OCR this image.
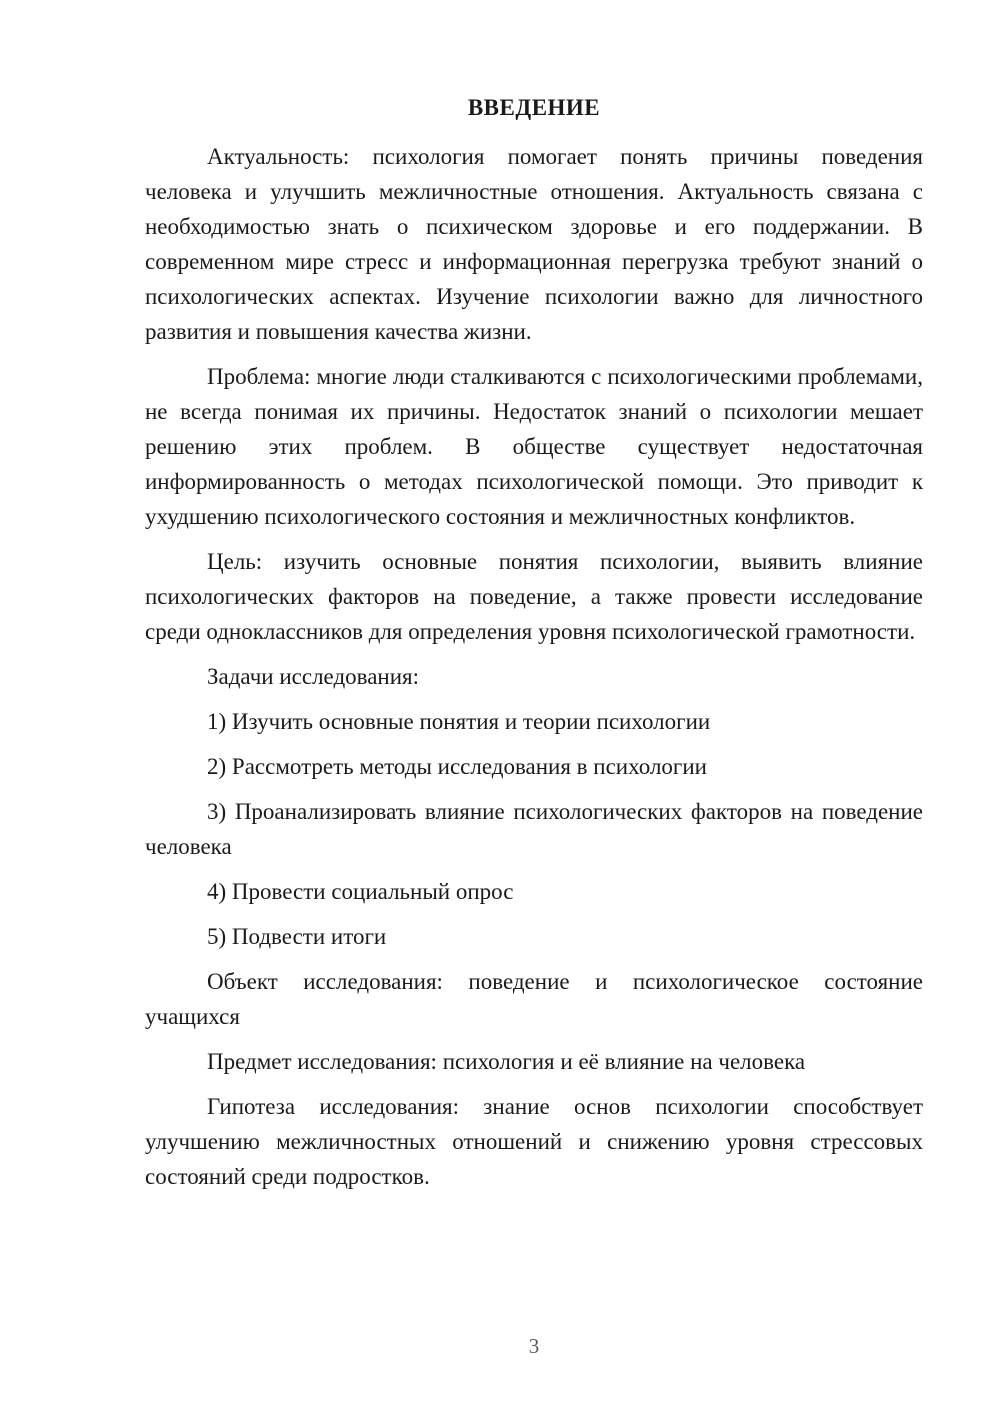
ВВЕДЕНИЕ

Актуальность: психология помогает понять причины поведения человека и улучшить межличностные отношения. Актуальность связана с необходимостью знать о психическом здоровье и его поддержании. В современном мире стресс и информационная перегрузка требуют знаний о психологических аспектах. Изучение психологии важно для личностного развития и повышения качества жизни.

Проблема: многие люди сталкиваются с психологическими проблемами, не всегда понимая их причины. Недостаток знаний о психологии мешает решению этих проблем. В обществе существует недостаточная информированность о методах психологической помощи. Это приводит к ухудшению психологического состояния и межличностных конфликтов.

Цель: изучить основные понятия психологии, выявить влияние психологических факторов на поведение, а также провести исследование среди одноклассников для определения уровня психологической грамотности.

Задачи исследования:

1) Изучить основные понятия и теории психологии

2) Рассмотреть методы исследования в психологии

3) Проанализировать влияние психологических факторов на поведение человека

4) Провести социальный опрос

5) Подвести итоги

Объект исследования: поведение и психологическое состояние учащихся

Предмет исследования: психология и её влияние на человека

Гипотеза исследования: знание основ психологии способствует улучшению межличностных отношений и снижению уровня стрессовых состояний среди подростков.

3
